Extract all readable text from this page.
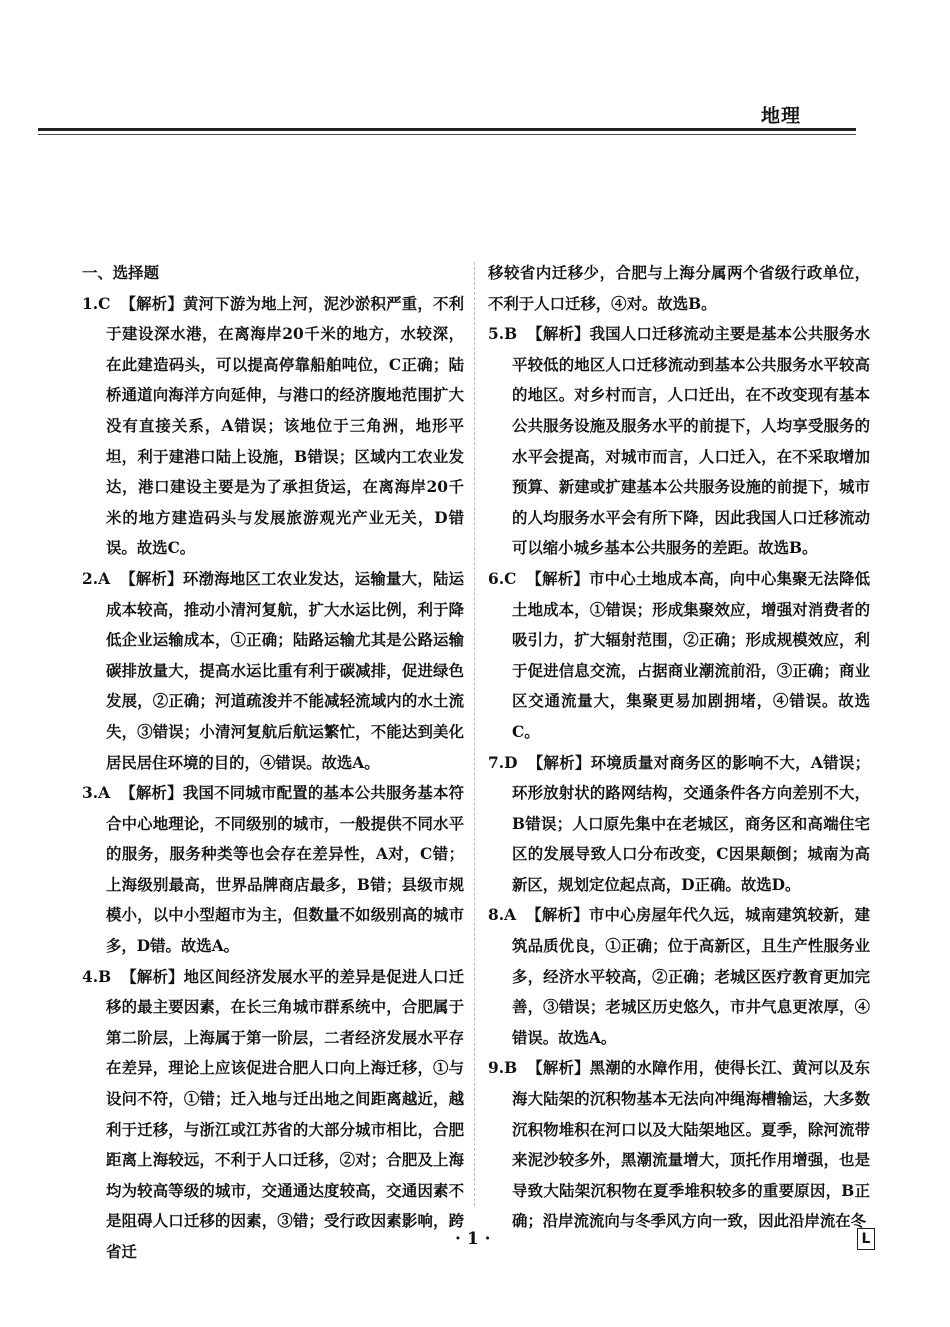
地理

一、选择题

1.C 【解析】黄河下游为地上河，泥沙淤积严重，不利于建设深水港，在离海岸20千米的地方，水较深，在此建造码头，可以提高停靠船舶吨位，C正确；陆桥通道向海洋方向延伸，与港口的经济腹地范围扩大没有直接关系，A错误；该地位于三角洲，地形平坦，利于建港口陆上设施，B错误；区域内工农业发达，港口建设主要是为了承担货运，在离海岸20千米的地方建造码头与发展旅游观光产业无关，D错误。故选C。

2.A 【解析】环渤海地区工农业发达，运输量大，陆运成本较高，推动小清河复航，扩大水运比例，利于降低企业运输成本，①正确；陆路运输尤其是公路运输碳排放量大，提高水运比重有利于碳减排，促进绿色发展，②正确；河道疏浚并不能减轻流域内的水土流失，③错误；小清河复航后航运繁忙，不能达到美化居民居住环境的目的，④错误。故选A。

3.A 【解析】我国不同城市配置的基本公共服务基本符合中心地理论，不同级别的城市，一般提供不同水平的服务，服务种类等也会存在差异性，A对，C错；上海级别最高，世界品牌商店最多，B错；县级市规模小，以中小型超市为主，但数量不如级别高的城市多，D错。故选A。

4.B 【解析】地区间经济发展水平的差异是促进人口迁移的最主要因素，在长三角城市群系统中，合肥属于第二阶层，上海属于第一阶层，二者经济发展水平存在差异，理论上应该促进合肥人口向上海迁移，①与设问不符，①错；迁入地与迁出地之间距离越近，越利于迁移，与浙江或江苏省的大部分城市相比，合肥距离上海较远，不利于人口迁移，②对；合肥及上海均为较高等级的城市，交通通达度较高，交通因素不是阻碍人口迁移的因素，③错；受行政因素影响，跨省迁

移较省内迁移少，合肥与上海分属两个省级行政单位，不利于人口迁移，④对。故选B。

5.B 【解析】我国人口迁移流动主要是基本公共服务水平较低的地区人口迁移流动到基本公共服务水平较高的地区。对乡村而言，人口迁出，在不改变现有基本公共服务设施及服务水平的前提下，人均享受服务的水平会提高，对城市而言，人口迁入，在不采取增加预算、新建或扩建基本公共服务设施的前提下，城市的人均服务水平会有所下降，因此我国人口迁移流动可以缩小城乡基本公共服务的差距。故选B。

6.C 【解析】市中心土地成本高，向中心集聚无法降低土地成本，①错误；形成集聚效应，增强对消费者的吸引力，扩大辐射范围，②正确；形成规模效应，利于促进信息交流，占据商业潮流前沿，③正确；商业区交通流量大，集聚更易加剧拥堵，④错误。故选C。

7.D 【解析】环境质量对商务区的影响不大，A错误；环形放射状的路网结构，交通条件各方向差别不大，B错误；人口原先集中在老城区，商务区和高端住宅区的发展导致人口分布改变，C因果颠倒；城南为高新区，规划定位起点高，D正确。故选D。

8.A 【解析】市中心房屋年代久远，城南建筑较新，建筑品质优良，①正确；位于高新区，且生产性服务业多，经济水平较高，②正确；老城区医疗教育更加完善，③错误；老城区历史悠久，市井气息更浓厚，④错误。故选A。

9.B 【解析】黑潮的水障作用，使得长江、黄河以及东海大陆架的沉积物基本无法向冲绳海槽输运，大多数沉积物堆积在河口以及大陆架地区。夏季，除河流带来泥沙较多外，黑潮流量增大，顶托作用增强，也是导致大陆架沉积物在夏季堆积较多的重要原因，B正确；沿岸流流向与冬季风方向一致，因此沿岸流在冬

· 1 ·	L
